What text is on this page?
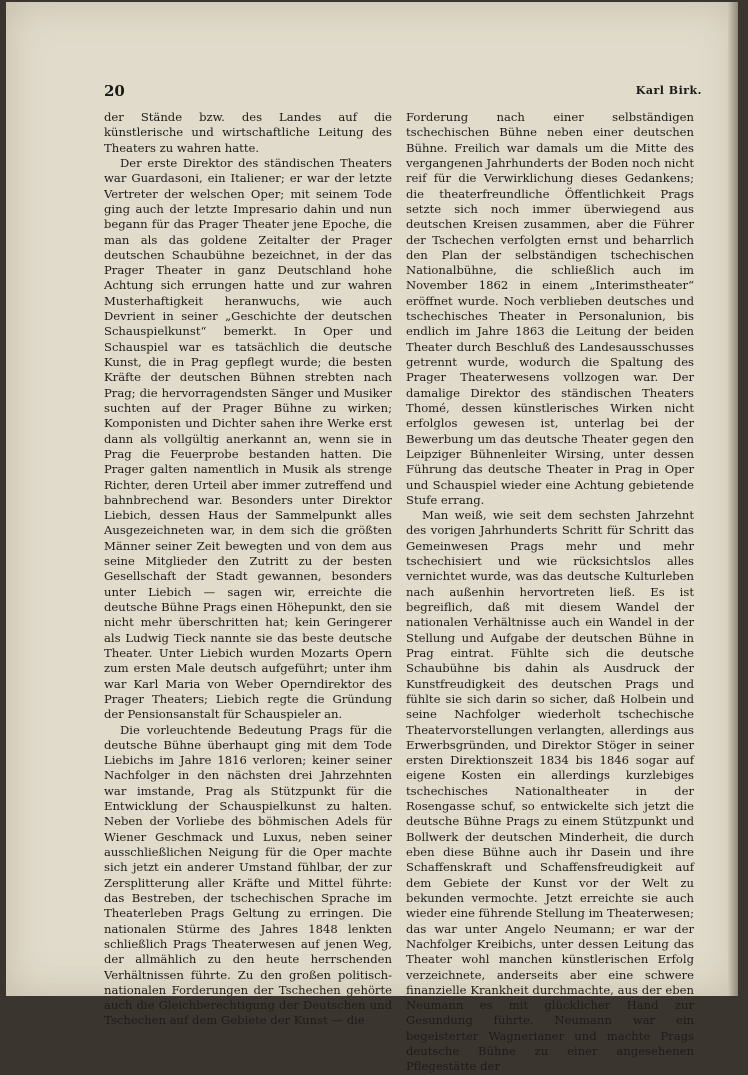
20	Karl Birk.

der Stände bzw. des Landes auf die künstlerische und wirtschaftliche Leitung des Theaters zu wahren hatte.

Der erste Direktor des ständischen Theaters war Guardasoni, ein Italiener; er war der letzte Vertreter der welschen Oper; mit seinem Tode ging auch der letzte Impresario dahin und nun begann für das Prager Theater jene Epoche, die man als das goldene Zeitalter der Prager deutschen Schaubühne bezeichnet, in der das Prager Theater in ganz Deutschland hohe Achtung sich errungen hatte und zur wahren Musterhaftigkeit heranwuchs, wie auch Devrient in seiner „Geschichte der deutschen Schauspielkunst“ bemerkt. In Oper und Schauspiel war es tatsächlich die deutsche Kunst, die in Prag gepflegt wurde; die besten Kräfte der deutschen Bühnen strebten nach Prag; die hervorragendsten Sänger und Musiker suchten auf der Prager Bühne zu wirken; Komponisten und Dichter sahen ihre Werke erst dann als vollgültig anerkannt an, wenn sie in Prag die Feuerprobe bestanden hatten. Die Prager galten namentlich in Musik als strenge Richter, deren Urteil aber immer zutreffend und bahnbrechend war. Besonders unter Direktor Liebich, dessen Haus der Sammelpunkt alles Ausgezeichneten war, in dem sich die größten Männer seiner Zeit bewegten und von dem aus seine Mitglieder den Zutritt zu der besten Gesellschaft der Stadt gewannen, besonders unter Liebich — sagen wir, erreichte die deutsche Bühne Prags einen Höhepunkt, den sie nicht mehr überschritten hat; kein Geringerer als Ludwig Tieck nannte sie das beste deutsche Theater. Unter Liebich wurden Mozarts Opern zum ersten Male deutsch aufgeführt; unter ihm war Karl Maria von Weber Operndirektor des Prager Theaters; Liebich regte die Gründung der Pensionsanstalt für Schauspieler an.

Die vorleuchtende Bedeutung Prags für die deutsche Bühne überhaupt ging mit dem Tode Liebichs im Jahre 1816 verloren; keiner seiner Nachfolger in den nächsten drei Jahrzehnten war imstande, Prag als Stützpunkt für die Entwicklung der Schauspielkunst zu halten. Neben der Vorliebe des böhmischen Adels für Wiener Geschmack und Luxus, neben seiner ausschließlichen Neigung für die Oper machte sich jetzt ein anderer Umstand fühlbar, der zur Zersplitterung aller Kräfte und Mittel führte: das Bestreben, der tschechischen Sprache im Theaterleben Prags Geltung zu erringen. Die nationalen Stürme des Jahres 1848 lenkten schließlich Prags Theaterwesen auf jenen Weg, der allmählich zu den heute herrschenden Verhältnissen führte. Zu den großen politisch-nationalen Forderungen der Tschechen gehörte auch die Gleichberechtigung der Deutschen und Tschechen auf dem Gebiete der Kunst — die

Forderung nach einer selbständigen tschechischen Bühne neben einer deutschen Bühne. Freilich war damals um die Mitte des vergangenen Jahrhunderts der Boden noch nicht reif für die Verwirklichung dieses Gedankens; die theaterfreundliche Öffentlichkeit Prags setzte sich noch immer überwiegend aus deutschen Kreisen zusammen, aber die Führer der Tschechen verfolgten ernst und beharrlich den Plan der selbständigen tschechischen Nationalbühne, die schließlich auch im November 1862 in einem „Interimstheater“ eröffnet wurde. Noch verblieben deutsches und tschechisches Theater in Personalunion, bis endlich im Jahre 1863 die Leitung der beiden Theater durch Beschluß des Landesausschusses getrennt wurde, wodurch die Spaltung des Prager Theaterwesens vollzogen war. Der damalige Direktor des ständischen Theaters Thomé, dessen künstlerisches Wirken nicht erfolglos gewesen ist, unterlag bei der Bewerbung um das deutsche Theater gegen den Leipziger Bühnenleiter Wirsing, unter dessen Führung das deutsche Theater in Prag in Oper und Schauspiel wieder eine Achtung gebietende Stufe errang.

Man weiß, wie seit dem sechsten Jahrzehnt des vorigen Jahrhunderts Schritt für Schritt das Gemeinwesen Prags mehr und mehr tschechisiert und wie rücksichtslos alles vernichtet wurde, was das deutsche Kulturleben nach außenhin hervortreten ließ. Es ist begreiflich, daß mit diesem Wandel der nationalen Verhältnisse auch ein Wandel in der Stellung und Aufgabe der deutschen Bühne in Prag eintrat. Fühlte sich die deutsche Schaubühne bis dahin als Ausdruck der Kunstfreudigkeit des deutschen Prags und fühlte sie sich darin so sicher, daß Holbein und seine Nachfolger wiederholt tschechische Theatervorstellungen verlangten, allerdings aus Erwerbsgründen, und Direktor Stöger in seiner ersten Direktionszeit 1834 bis 1846 sogar auf eigene Kosten ein allerdings kurzlebiges tschechisches Nationaltheater in der Rosengasse schuf, so entwickelte sich jetzt die deutsche Bühne Prags zu einem Stützpunkt und Bollwerk der deutschen Minderheit, die durch eben diese Bühne auch ihr Dasein und ihre Schaffenskraft und Schaffensfreudigkeit auf dem Gebiete der Kunst vor der Welt zu bekunden vermochte. Jetzt erreichte sie auch wieder eine führende Stellung im Theaterwesen; das war unter Angelo Neumann; er war der Nachfolger Kreibichs, unter dessen Leitung das Theater wohl manchen künstlerischen Erfolg verzeichnete, anderseits aber eine schwere finanzielle Krankheit durchmachte, aus der eben Neumann es mit glücklicher Hand zur Gesundung führte. Neumann war ein begeisterter Wagnerianer und machte Prags deutsche Bühne zu einer angesehenen Pflegestätte der
